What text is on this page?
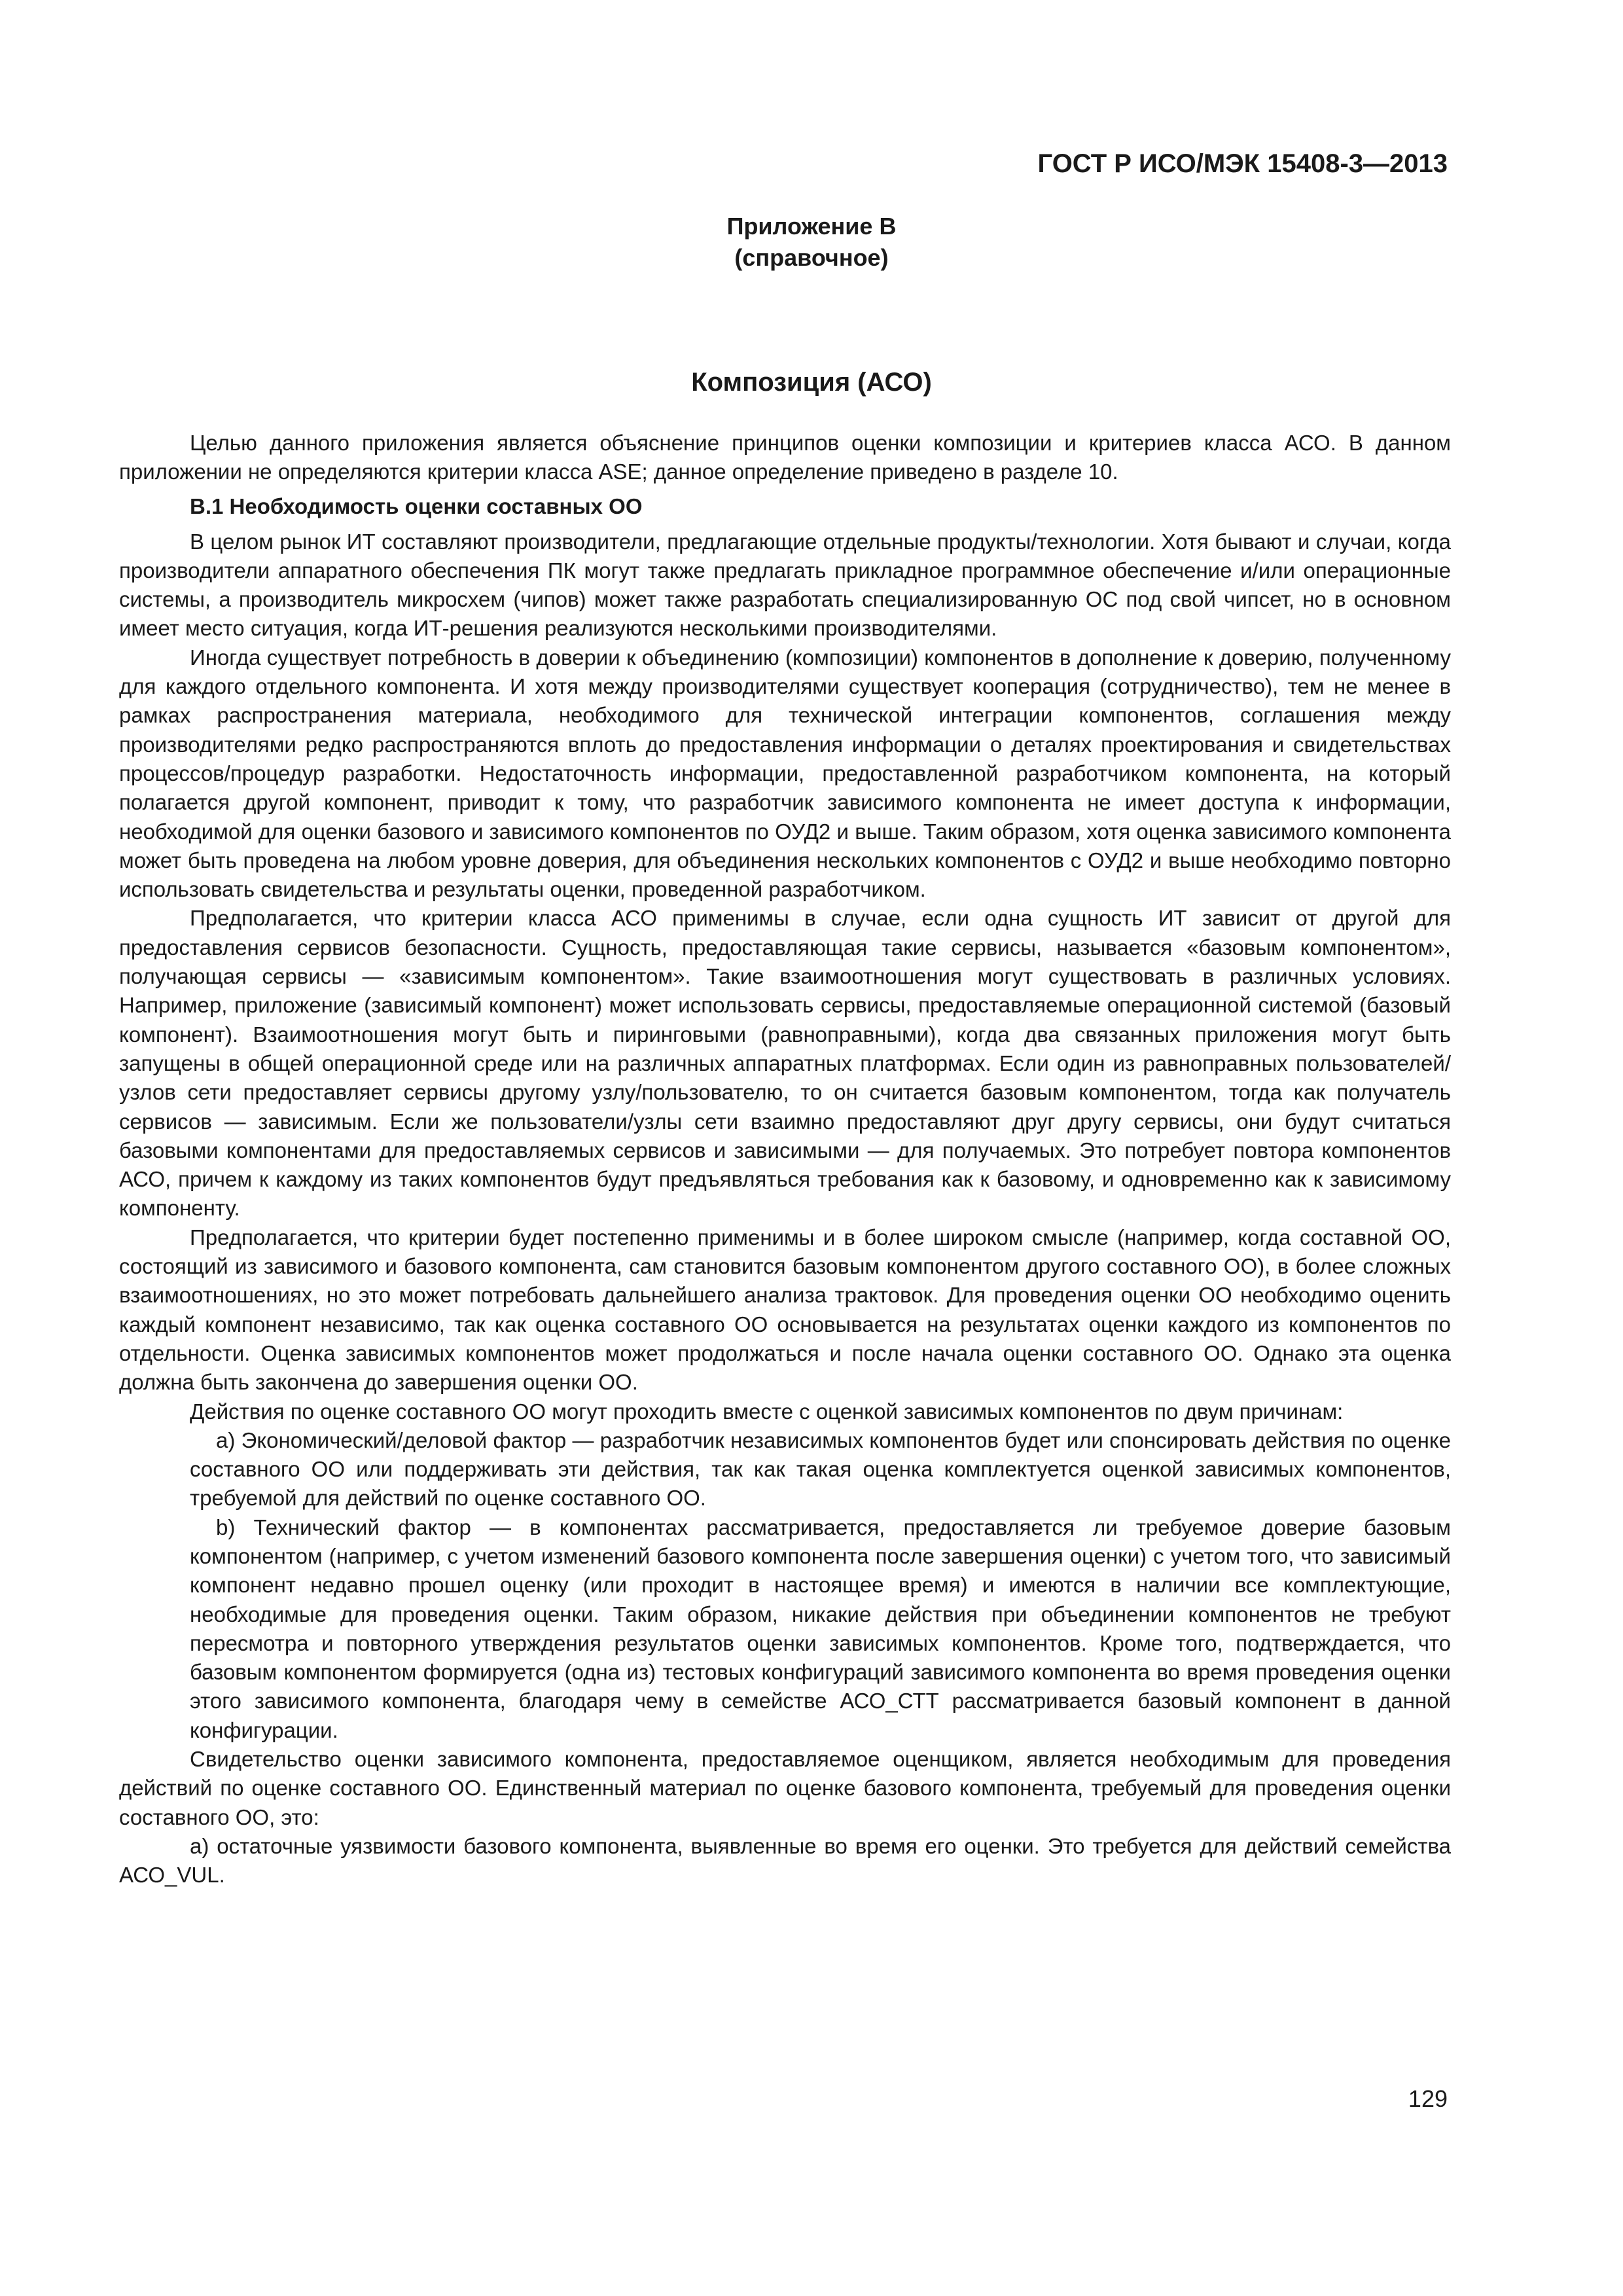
ГОСТ Р ИСО/МЭК 15408-3—2013
Приложение В
(справочное)
Композиция (АСО)

Целью данного приложения является объяснение принципов оценки композиции и критериев класса АСО. В данном приложении не определяются критерии класса ASE; данное определение приведено в разделе 10.

В.1 Необходимость оценки составных ОО

В целом рынок ИТ составляют производители, предлагающие отдельные продукты/технологии. Хотя бывают и случаи, когда производители аппаратного обеспечения ПК могут также предлагать прикладное программное обеспечение и/или операционные системы, а производитель микросхем (чипов) может также разработать специализированную ОС под свой чипсет, но в основном имеет место ситуация, когда ИТ-решения реализуются несколькими производителями.

Иногда существует потребность в доверии к объединению (композиции) компонентов в дополнение к доверию, полученному для каждого отдельного компонента. И хотя между производителями существует кооперация (сотрудничество), тем не менее в рамках распространения материала, необходимого для технической интеграции компонентов, соглашения между производителями редко распространяются вплоть до предоставления информации о деталях проектирования и свидетельствах процессов/процедур разработки. Недостаточность информации, предоставленной разработчиком компонента, на который полагается другой компонент, приводит к тому, что разработчик зависимого компонента не имеет доступа к информации, необходимой для оценки базового и зависимого компонентов по ОУД2 и выше. Таким образом, хотя оценка зависимого компонента может быть проведена на любом уровне доверия, для объединения нескольких компонентов с ОУД2 и выше необходимо повторно использовать свидетельства и результаты оценки, проведенной разработчиком.

Предполагается, что критерии класса АСО применимы в случае, если одна сущность ИТ зависит от другой для предоставления сервисов безопасности. Сущность, предоставляющая такие сервисы, называется «базовым компонентом», получающая сервисы — «зависимым компонентом». Такие взаимоотношения могут существовать в различных условиях. Например, приложение (зависимый компонент) может использовать сервисы, предоставляемые операционной системой (базовый компонент). Взаимоотношения могут быть и пиринговыми (равноправными), когда два связанных приложения могут быть запущены в общей операционной среде или на различных аппаратных платформах. Если один из равноправных пользователей/узлов сети предоставляет сервисы другому узлу/пользователю, то он считается базовым компонентом, тогда как получатель сервисов — зависимым. Если же пользователи/узлы сети взаимно предоставляют друг другу сервисы, они будут считаться базовыми компонентами для предоставляемых сервисов и зависимыми — для получаемых. Это потребует повтора компонентов АСО, причем к каждому из таких компонентов будут предъявляться требования как к базовому, и одновременно как к зависимому компоненту.

Предполагается, что критерии будет постепенно применимы и в более широком смысле (например, когда составной ОО, состоящий из зависимого и базового компонента, сам становится базовым компонентом другого составного ОО), в более сложных взаимоотношениях, но это может потребовать дальнейшего анализа трактовок. Для проведения оценки ОО необходимо оценить каждый компонент независимо, так как оценка составного ОО основывается на результатах оценки каждого из компонентов по отдельности. Оценка зависимых компонентов может продолжаться и после начала оценки составного ОО. Однако эта оценка должна быть закончена до завершения оценки ОО.

Действия по оценке составного ОО могут проходить вместе с оценкой зависимых компонентов по двум причинам:

a) Экономический/деловой фактор — разработчик независимых компонентов будет или спонсировать действия по оценке составного ОО или поддерживать эти действия, так как такая оценка комплектуется оценкой зависимых компонентов, требуемой для действий по оценке составного ОО.

b) Технический фактор — в компонентах рассматривается, предоставляется ли требуемое доверие базовым компонентом (например, с учетом изменений базового компонента после завершения оценки) с учетом того, что зависимый компонент недавно прошел оценку (или проходит в настоящее время) и имеются в наличии все комплектующие, необходимые для проведения оценки. Таким образом, никакие действия при объединении компонентов не требуют пересмотра и повторного утверждения результатов оценки зависимых компонентов. Кроме того, подтверждается, что базовым компонентом формируется (одна из) тестовых конфигураций зависимого компонента во время проведения оценки этого зависимого компонента, благодаря чему в семействе АСО_СТТ рассматривается базовый компонент в данной конфигурации.

Свидетельство оценки зависимого компонента, предоставляемое оценщиком, является необходимым для проведения действий по оценке составного ОО. Единственный материал по оценке базового компонента, требуемый для проведения оценки составного ОО, это:

а) остаточные уязвимости базового компонента, выявленные во время его оценки. Это требуется для действий семейства АСО_VUL.

129
